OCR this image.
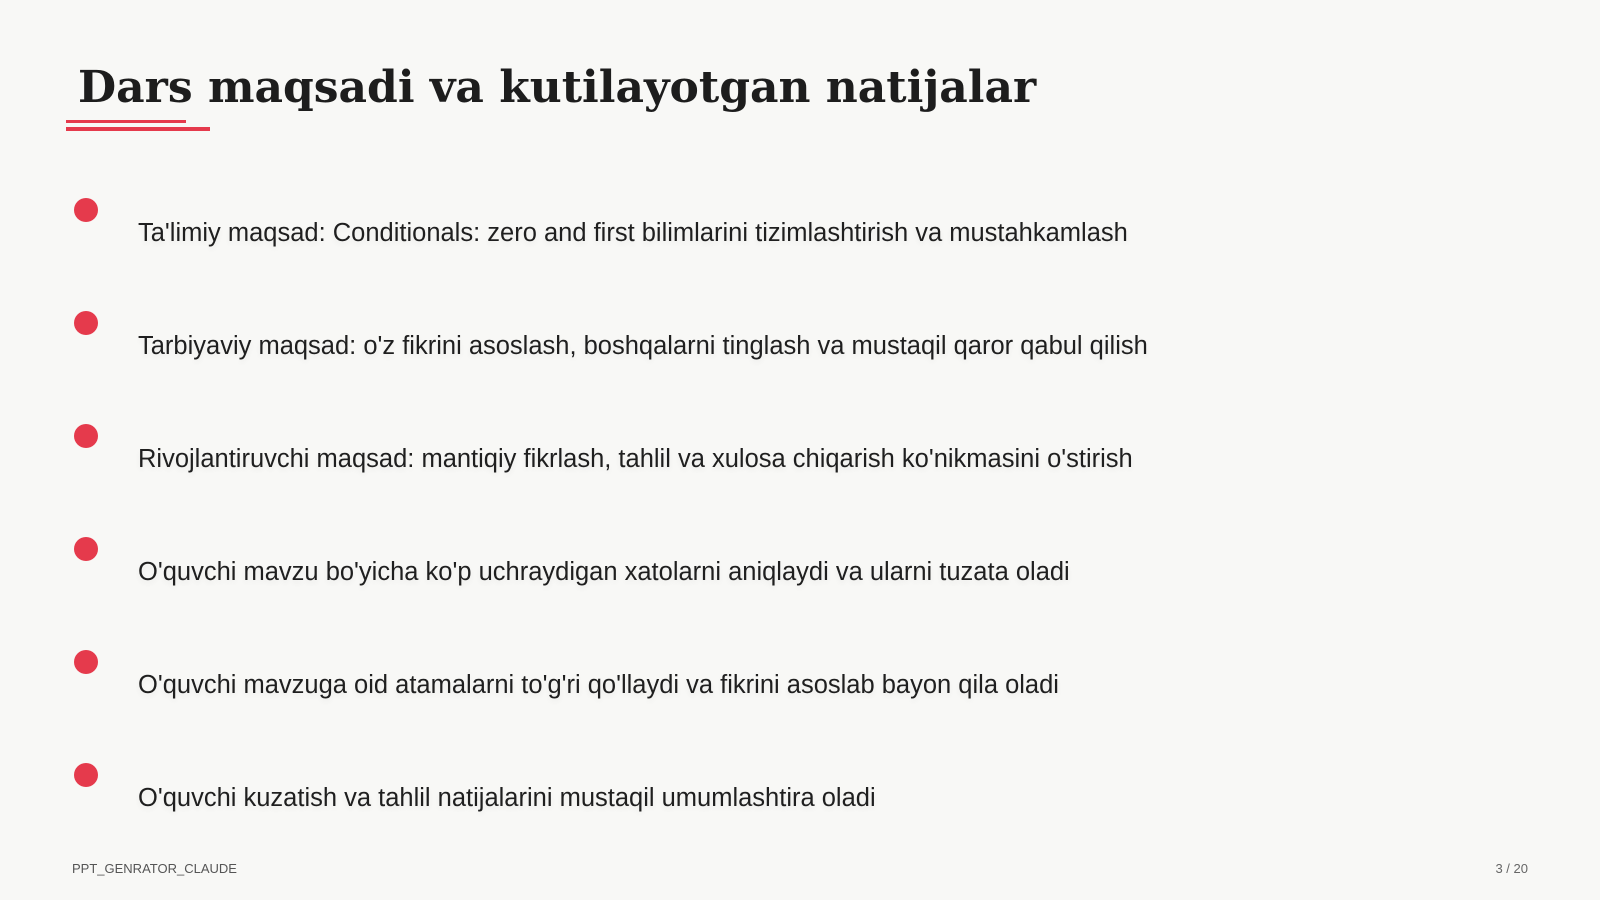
Dars maqsadi va kutilayotgan natijalar
Ta'limiy maqsad: Conditionals: zero and first bilimlarini tizimlashtirish va mustahkamlash
Tarbiyaviy maqsad: o'z fikrini asoslash, boshqalarni tinglash va mustaqil qaror qabul qilish
Rivojlantiruvchi maqsad: mantiqiy fikrlash, tahlil va xulosa chiqarish ko'nikmasini o'stirish
O'quvchi mavzu bo'yicha ko'p uchraydigan xatolarni aniqlaydi va ularni tuzata oladi
O'quvchi mavzuga oid atamalarni to'g'ri qo'llaydi va fikrini asoslab bayon qila oladi
O'quvchi kuzatish va tahlil natijalarini mustaqil umumlashtira oladi
PPT_GENRATOR_CLAUDE	3 / 20
